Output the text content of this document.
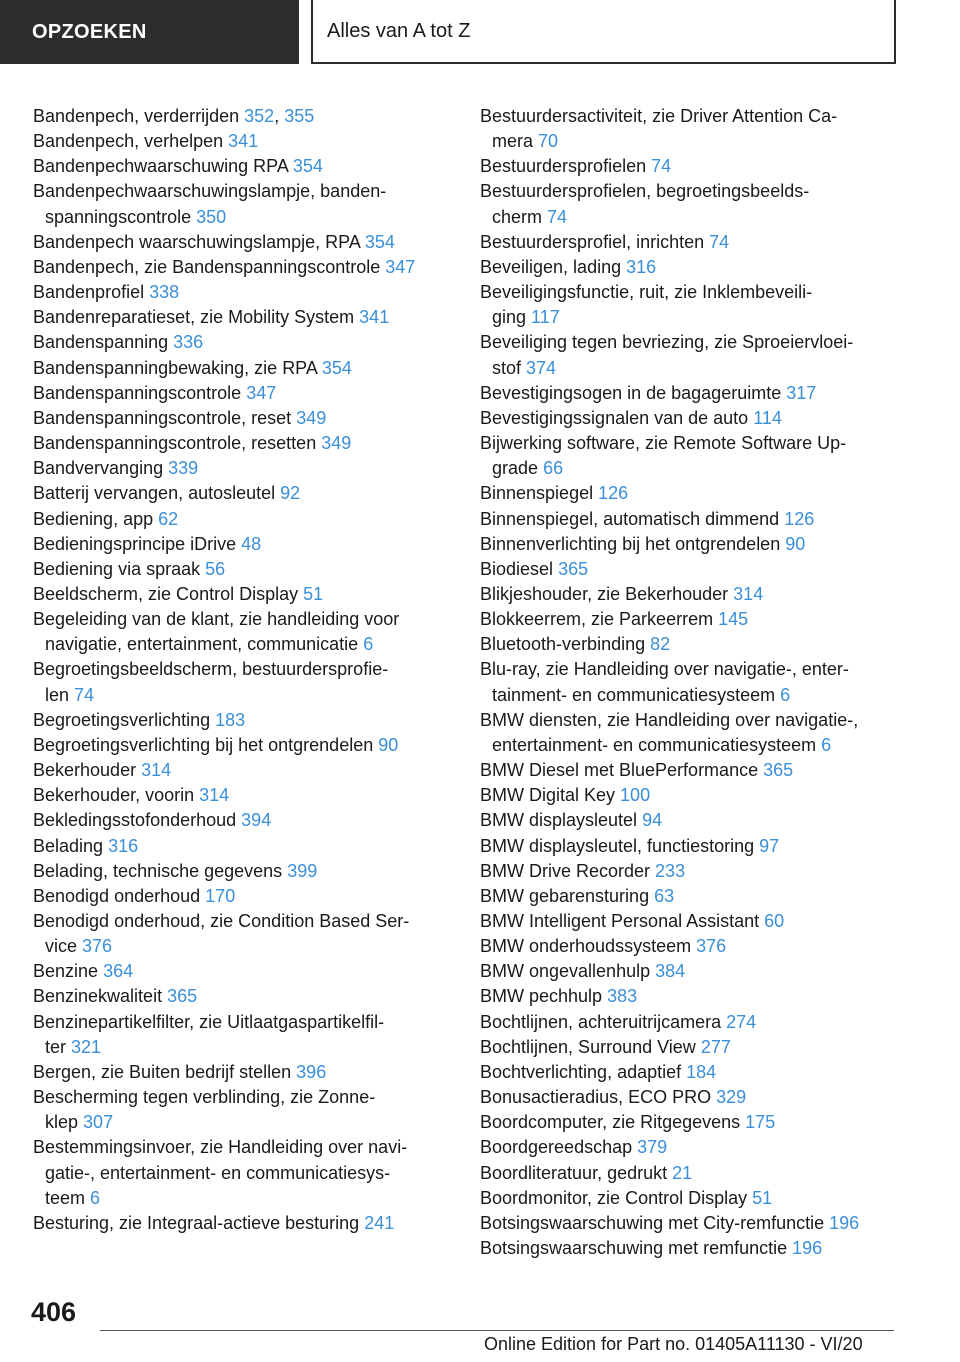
OPZOEKEN	Alles van A tot Z
Bandenpech, verderrijden 352, 355
Bandenpech, verhelpen 341
Bandenpechwaarschuwing RPA 354
Bandenpechwaarschuwingslampje, banden-
spanningscontrole 350
Bandenpech waarschuwingslampje, RPA 354
Bandenpech, zie Bandenspanningscontrole 347
Bandenprofiel 338
Bandenreparatieset, zie Mobility System 341
Bandenspanning 336
Bandenspanningbewaking, zie RPA 354
Bandenspanningscontrole 347
Bandenspanningscontrole, reset 349
Bandenspanningscontrole, resetten 349
Bandvervanging 339
Batterij vervangen, autosleutel 92
Bediening, app 62
Bedieningsprincipe iDrive 48
Bediening via spraak 56
Beeldscherm, zie Control Display 51
Begeleiding van de klant, zie handleiding voor
navigatie, entertainment, communicatie 6
Begroetingsbeeldscherm, bestuurdersprofie-
len 74
Begroetingsverlichting 183
Begroetingsverlichting bij het ontgrendelen 90
Bekerhouder 314
Bekerhouder, voorin 314
Bekledingsstofonderhoud 394
Belading 316
Belading, technische gegevens 399
Benodigd onderhoud 170
Benodigd onderhoud, zie Condition Based Ser-
vice 376
Benzine 364
Benzinekwaliteit 365
Benzinepartikelfilter, zie Uitlaatgaspartikelfil-
ter 321
Bergen, zie Buiten bedrijf stellen 396
Bescherming tegen verblinding, zie Zonne-
klep 307
Bestemmingsinvoer, zie Handleiding over navi-
gatie-, entertainment- en communicatiesys-
teem 6
Besturing, zie Integraal-actieve besturing 241
Bestuurdersactiviteit, zie Driver Attention Ca-
mera 70
Bestuurdersprofielen 74
Bestuurdersprofielen, begroetingsbeelds-
cherm 74
Bestuurdersprofiel, inrichten 74
Beveiligen, lading 316
Beveiligingsfunctie, ruit, zie Inklembeveili-
ging 117
Beveiliging tegen bevriezing, zie Sproeiervloei-
stof 374
Bevestigingsogen in de bagageruimte 317
Bevestigingssignalen van de auto 114
Bijwerking software, zie Remote Software Up-
grade 66
Binnenspiegel 126
Binnenspiegel, automatisch dimmend 126
Binnenverlichting bij het ontgrendelen 90
Biodiesel 365
Blikjeshouder, zie Bekerhouder 314
Blokkeerrem, zie Parkeerrem 145
Bluetooth-verbinding 82
Blu-ray, zie Handleiding over navigatie-, enter-
tainment- en communicatiesysteem 6
BMW diensten, zie Handleiding over navigatie-,
entertainment- en communicatiesysteem 6
BMW Diesel met BluePerformance 365
BMW Digital Key 100
BMW displaysleutel 94
BMW displaysleutel, functiestoring 97
BMW Drive Recorder 233
BMW gebarensturing 63
BMW Intelligent Personal Assistant 60
BMW onderhoudssysteem 376
BMW ongevallenhulp 384
BMW pechhulp 383
Bochtlijnen, achteruitrijcamera 274
Bochtlijnen, Surround View 277
Bochtverlichting, adaptief 184
Bonusactieradius, ECO PRO 329
Boordcomputer, zie Ritgegevens 175
Boordgereedschap 379
Boordliteratuur, gedrukt 21
Boordmonitor, zie Control Display 51
Botsingswaarschuwing met City-remfunctie 196
Botsingswaarschuwing met remfunctie 196
406
Online Edition for Part no. 01405A11130 - VI/20
